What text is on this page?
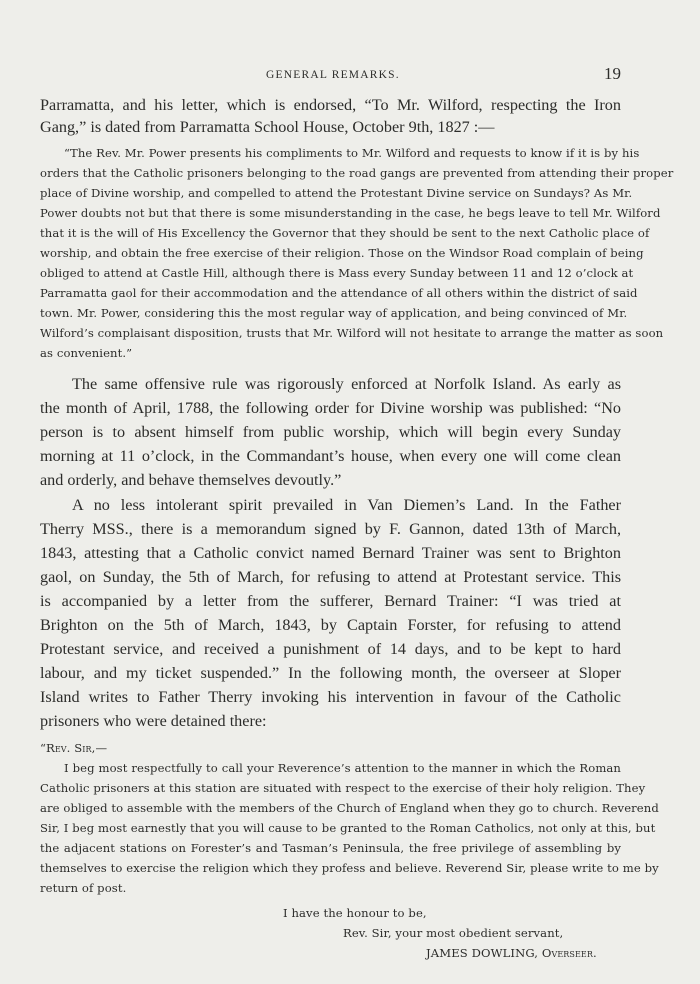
GENERAL REMARKS.	19
Parramatta, and his letter, which is endorsed, “To Mr. Wilford, respecting the Iron
Gang,” is dated from Parramatta School House, October 9th, 1827 :—
“The Rev. Mr. Power presents his compliments to Mr. Wilford and requests to know if it is by his
orders that the Catholic prisoners belonging to the road gangs are prevented from attending their proper
place of Divine worship, and compelled to attend the Protestant Divine service on Sundays? As Mr.
Power doubts not but that there is some misunderstanding in the case, he begs leave to tell Mr. Wilford
that it is the will of His Excellency the Governor that they should be sent to the next Catholic place of
worship, and obtain the free exercise of their religion. Those on the Windsor Road complain of being
obliged to attend at Castle Hill, although there is Mass every Sunday between 11 and 12 o’clock at
Parramatta gaol for their accommodation and the attendance of all others within the district of said
town. Mr. Power, considering this the most regular way of application, and being convinced of Mr.
Wilford’s complaisant disposition, trusts that Mr. Wilford will not hesitate to arrange the matter as soon
as convenient.”
The same offensive rule was rigorously enforced at Norfolk Island. As early as
the month of April, 1788, the following order for Divine worship was published: “No
person is to absent himself from public worship, which will begin every Sunday
morning at 11 o’clock, in the Commandant’s house, when every one will come clean
and orderly, and behave themselves devoutly.”
A no less intolerant spirit prevailed in Van Diemen’s Land. In the Father
Therry MSS., there is a memorandum signed by F. Gannon, dated 13th of March,
1843, attesting that a Catholic convict named Bernard Trainer was sent to Brighton
gaol, on Sunday, the 5th of March, for refusing to attend at Protestant service. This
is accompanied by a letter from the sufferer, Bernard Trainer: “I was tried at
Brighton on the 5th of March, 1843, by Captain Forster, for refusing to attend
Protestant service, and received a punishment of 14 days, and to be kept to hard
labour, and my ticket suspended.” In the following month, the overseer at Sloper
Island writes to Father Therry invoking his intervention in favour of the Catholic
prisoners who were detained there:
“Rev. Sir,—
I beg most respectfully to call your Reverence’s attention to the manner in which the Roman
Catholic prisoners at this station are situated with respect to the exercise of their holy religion. They
are obliged to assemble with the members of the Church of England when they go to church. Reverend
Sir, I beg most earnestly that you will cause to be granted to the Roman Catholics, not only at this, but
the adjacent stations on Forester’s and Tasman’s Peninsula, the free privilege of assembling by
themselves to exercise the religion which they profess and believe. Reverend Sir, please write to me by
return of post.
I have the honour to be,
Rev. Sir, your most obedient servant,
JAMES DOWLING, Overseer.
